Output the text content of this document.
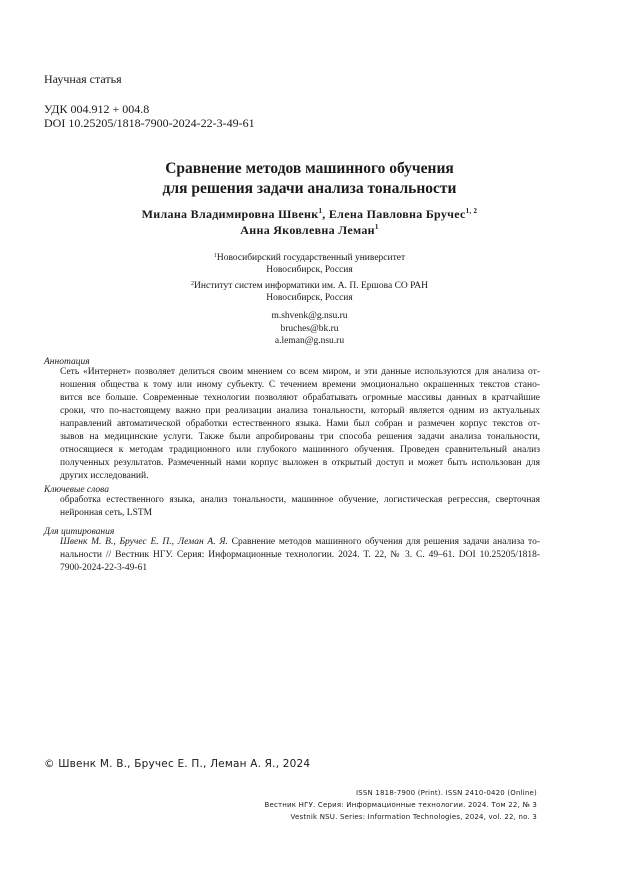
Научная статья
УДК 004.912 + 004.8
DOI 10.25205/1818-7900-2024-22-3-49-61
Сравнение методов машинного обучения
для решения задачи анализа тональности
Милана Владимировна Швенк$^1$, Елена Павловна Бручес$^{1, 2}$
Анна Яковлевна Леман$^1$
$^1$Новосибирский государственный университет
Новосибирск, Россия
$^2$Институт систем информатики им. А. П. Ершова СО РАН
Новосибирск, Россия
m.shvenk@g.nsu.ru
bruches@bk.ru
a.leman@g.nsu.ru
Аннотация
Сеть «Интернет» позволяет делиться своим мнением со всем миром, и эти данные используются для анализа от-
ношения общества к тому или иному субъекту. С течением времени эмоционально окрашенных текстов стано-
вится все больше. Современные технологии позволяют обрабатывать огромные массивы данных в кратчайшие
сроки, что по-настоящему важно при реализации анализа тональности, который является одним из актуальных
направлений автоматической обработки естественного языка. Нами был собран и размечен корпус текстов от-
зывов на медицинские услуги. Также были апробированы три способа решения задачи анализа тональности,
относящиеся к методам традиционного или глубокого машинного обучения. Проведен сравнительный анализ
полученных результатов. Размеченный нами корпус выложен в открытый доступ и может быть использован для
других исследований.
Ключевые слова
обработка естественного языка, анализ тональности, машинное обучение, логистическая регрессия, сверточная
нейронная сеть, LSTM
Для цитирования
Швенк М. В., Бручес Е. П., Леман А. Я. Сравнение методов машинного обучения для решения задачи анализа то-
нальности // Вестник НГУ. Серия: Информационные технологии. 2024. Т. 22, № 3. С. 49–61. DOI 10.25205/1818-
7900-2024-22-3-49-61
© Швенк М. В., Бручес Е. П., Леман А. Я., 2024
ISSN 1818-7900 (Print). ISSN 2410-0420 (Online)
Вестник НГУ. Серия: Информационные технологии. 2024. Том 22, № 3
Vestnik NSU. Series: Information Technologies, 2024, vol. 22, no. 3
